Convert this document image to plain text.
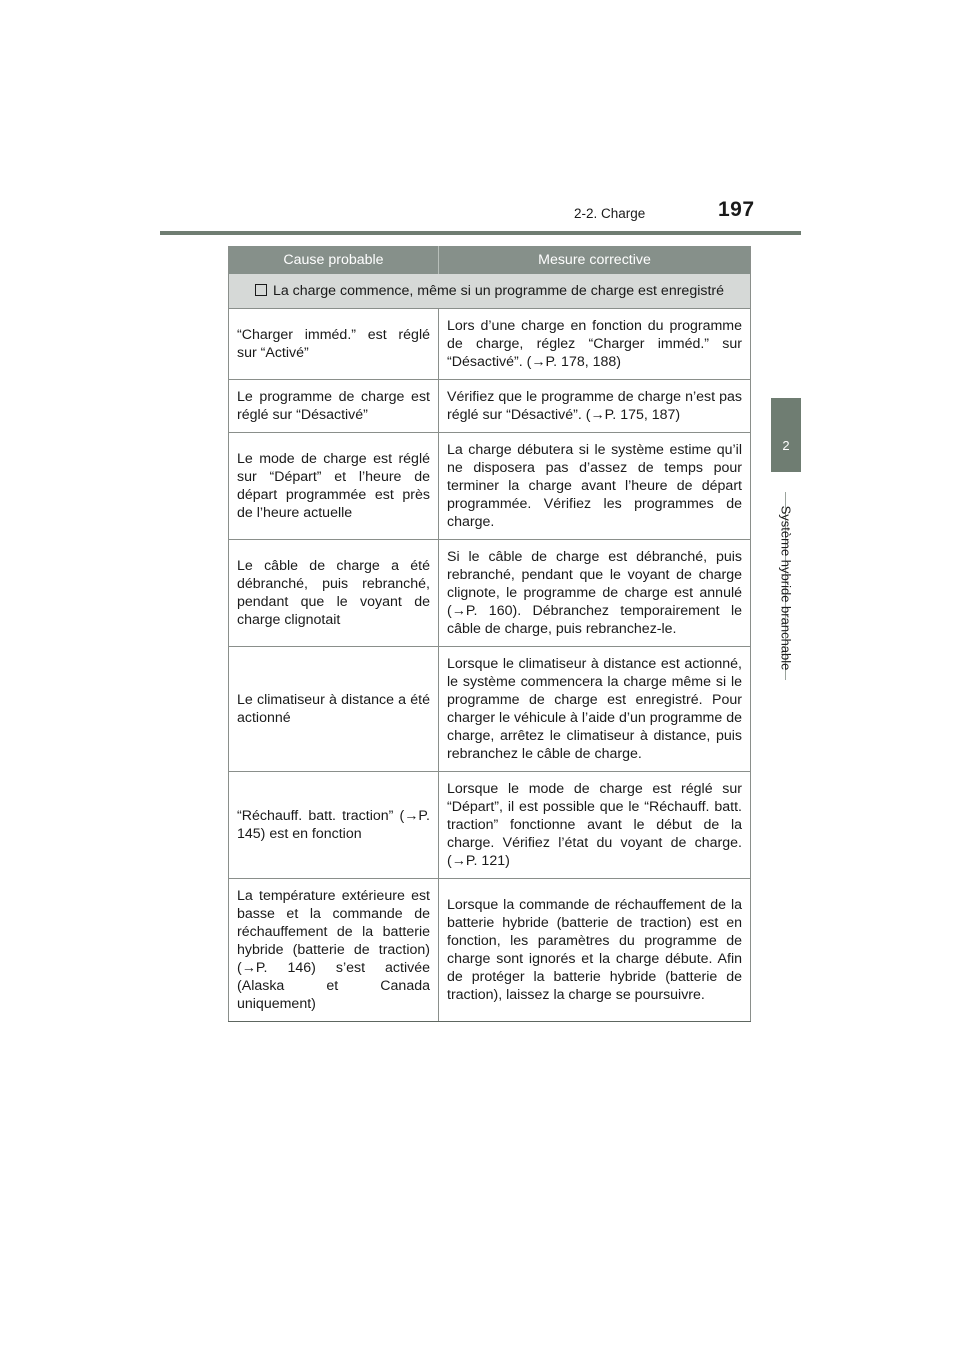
2-2. Charge	197
2
Système hybride branchable
Cause probable	Mesure corrective
La charge commence, même si un programme de charge est enregistré	
“Charger imméd.” est réglé sur “Activé”	Lors d’une charge en fonction du programme de charge, réglez “Charger imméd.” sur “Désactivé”. (→P. 178, 188)
Le programme de charge est réglé sur “Désactivé”	Vérifiez que le programme de charge n’est pas réglé sur “Désactivé”. (→P. 175, 187)
Le mode de charge est réglé sur “Départ” et l’heure de départ programmée est près de l’heure actuelle	La charge débutera si le système estime qu’il ne disposera pas d’assez de temps pour terminer la charge avant l’heure de départ programmée. Vérifiez les programmes de charge.
Le câble de charge a été débranché, puis rebranché, pendant que le voyant de charge clignotait	Si le câble de charge est débranché, puis rebranché, pendant que le voyant de charge clignote, le programme de charge est annulé (→P. 160). Débranchez temporairement le câble de charge, puis rebranchez-le.
Le climatiseur à distance a été actionné	Lorsque le climatiseur à distance est actionné, le système commencera la charge même si le programme de charge est enregistré. Pour charger le véhicule à l’aide d’un programme de charge, arrêtez le climatiseur à distance, puis rebranchez le câble de charge.
“Réchauff. batt. traction” (→P. 145) est en fonction	Lorsque le mode de charge est réglé sur “Départ”, il est possible que le “Réchauff. batt. traction” fonctionne avant le début de la charge. Vérifiez l’état du voyant de charge. (→P. 121)
La température extérieure est basse et la commande de réchauffement de la batterie hybride (batterie de traction) (→P. 146) s’est activée (Alaska et Canada uniquement)	Lorsque la commande de réchauffement de la batterie hybride (batterie de traction) est en fonction, les paramètres du programme de charge sont ignorés et la charge débute. Afin de protéger la batterie hybride (batterie de traction), laissez la charge se poursuivre.
